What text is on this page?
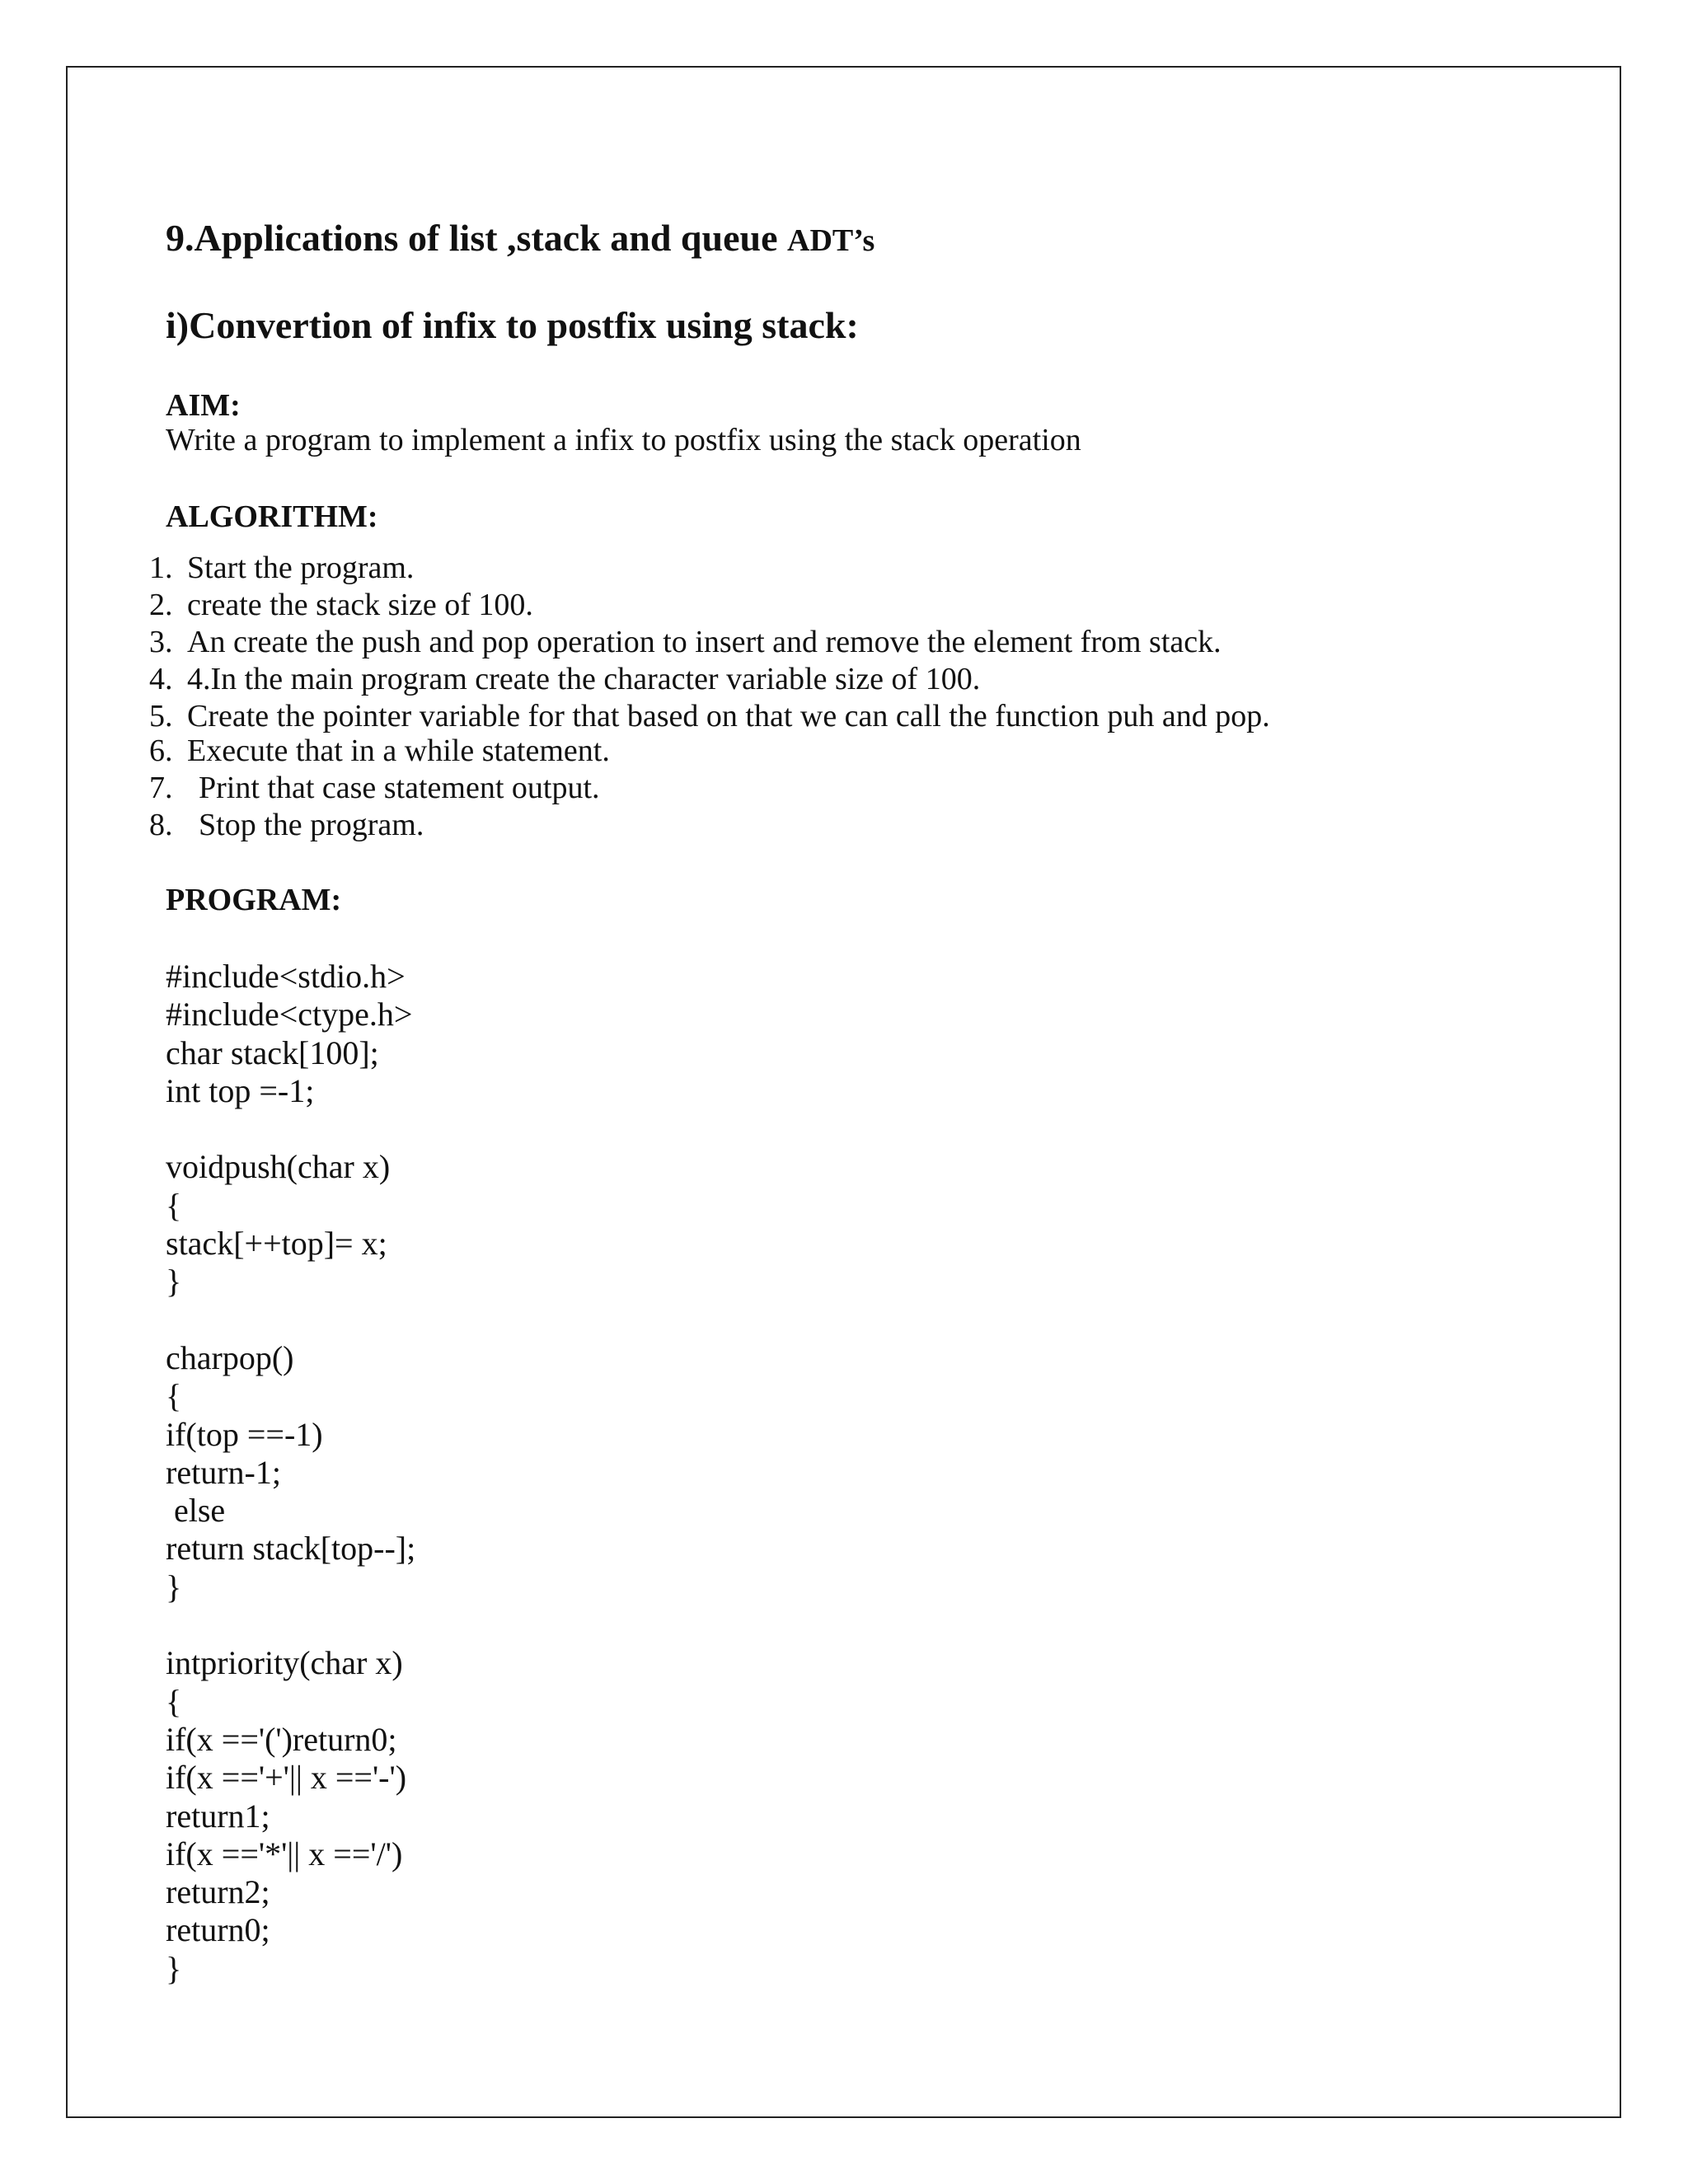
9.Applications of list ,stack and queue ADT’s
i)Convertion of infix to postfix using stack:
AIM:
Write a program to implement a infix to postfix using the stack operation
ALGORITHM:
1. Start the program.
2. create the stack size of 100.
3. An create the push and pop operation to insert and remove the element from stack.
4. 4.In the main program create the character variable size of 100.
5. Create the pointer variable for that based on that we can call the function puh and pop.
6. Execute that in a while statement.
7. Print that case statement output.
8. Stop the program.
PROGRAM:
#include<stdio.h>
#include<ctype.h>
char stack[100];
int top =-1;

voidpush(char x)
{
stack[++top]= x;
}

charpop()
{
if(top ==-1)
return-1;
else
return stack[top--];
}

intpriority(char x)
{
if(x =='(')return0;
if(x =='+'|| x =='-')
return1;
if(x =='*'|| x =='/')
return2;
return0;
}
